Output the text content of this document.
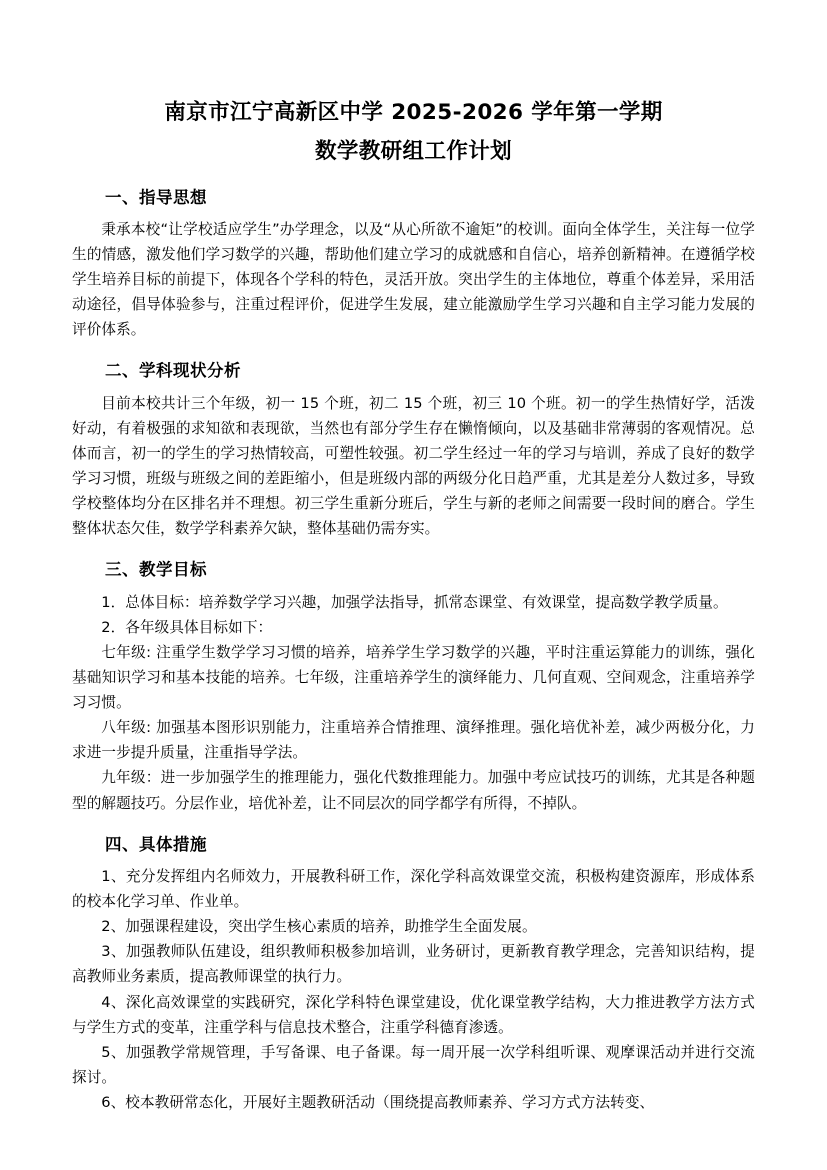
南京市江宁高新区中学 2025-2026 学年第一学期
数学教研组工作计划
一、指导思想

秉承本校“让学校适应学生”办学理念，以及“从心所欲不逾矩”的校训。面向全体学生，关注每一位学生的情感，激发他们学习数学的兴趣，帮助他们建立学习的成就感和自信心，培养创新精神。在遵循学校学生培养目标的前提下，体现各个学科的特色，灵活开放。突出学生的主体地位，尊重个体差异，采用活动途径，倡导体验参与，注重过程评价，促进学生发展，建立能激励学生学习兴趣和自主学习能力发展的评价体系。

二、学科现状分析

目前本校共计三个年级，初一 15 个班，初二 15 个班，初三 10 个班。初一的学生热情好学，活泼好动，有着极强的求知欲和表现欲，当然也有部分学生存在懒惰倾向，以及基础非常薄弱的客观情况。总体而言，初一的学生的学习热情较高，可塑性较强。初二学生经过一年的学习与培训，养成了良好的数学学习习惯，班级与班级之间的差距缩小，但是班级内部的两级分化日趋严重，尤其是差分人数过多，导致学校整体均分在区排名并不理想。初三学生重新分班后，学生与新的老师之间需要一段时间的磨合。学生整体状态欠佳，数学学科素养欠缺，整体基础仍需夯实。

三、教学目标

1．总体目标：培养数学学习兴趣，加强学法指导，抓常态课堂、有效课堂，提高数学教学质量。

2．各年级具体目标如下：

七年级: 注重学生数学学习习惯的培养，培养学生学习数学的兴趣，平时注重运算能力的训练，强化基础知识学习和基本技能的培养。七年级，注重培养学生的演绎能力、几何直观、空间观念，注重培养学习习惯。

八年级: 加强基本图形识别能力，注重培养合情推理、演绎推理。强化培优补差，减少两极分化，力求进一步提升质量，注重指导学法。

九年级：进一步加强学生的推理能力，强化代数推理能力。加强中考应试技巧的训练，尤其是各种题型的解题技巧。分层作业，培优补差，让不同层次的同学都学有所得，不掉队。

四、具体措施

1、充分发挥组内名师效力，开展教科研工作，深化学科高效课堂交流，积极构建资源库，形成体系的校本化学习单、作业单。

2、加强课程建设，突出学生核心素质的培养，助推学生全面发展。

3、加强教师队伍建设，组织教师积极参加培训，业务研讨，更新教育教学理念，完善知识结构，提高教师业务素质，提高教师课堂的执行力。

4、深化高效课堂的实践研究，深化学科特色课堂建设，优化课堂教学结构，大力推进教学方法方式与学生方式的变革，注重学科与信息技术整合，注重学科德育渗透。

5、加强教学常规管理，手写备课、电子备课。每一周开展一次学科组听课、观摩课活动并进行交流探讨。

6、校本教研常态化，开展好主题教研活动（围绕提高教师素养、学习方式方法转变、
